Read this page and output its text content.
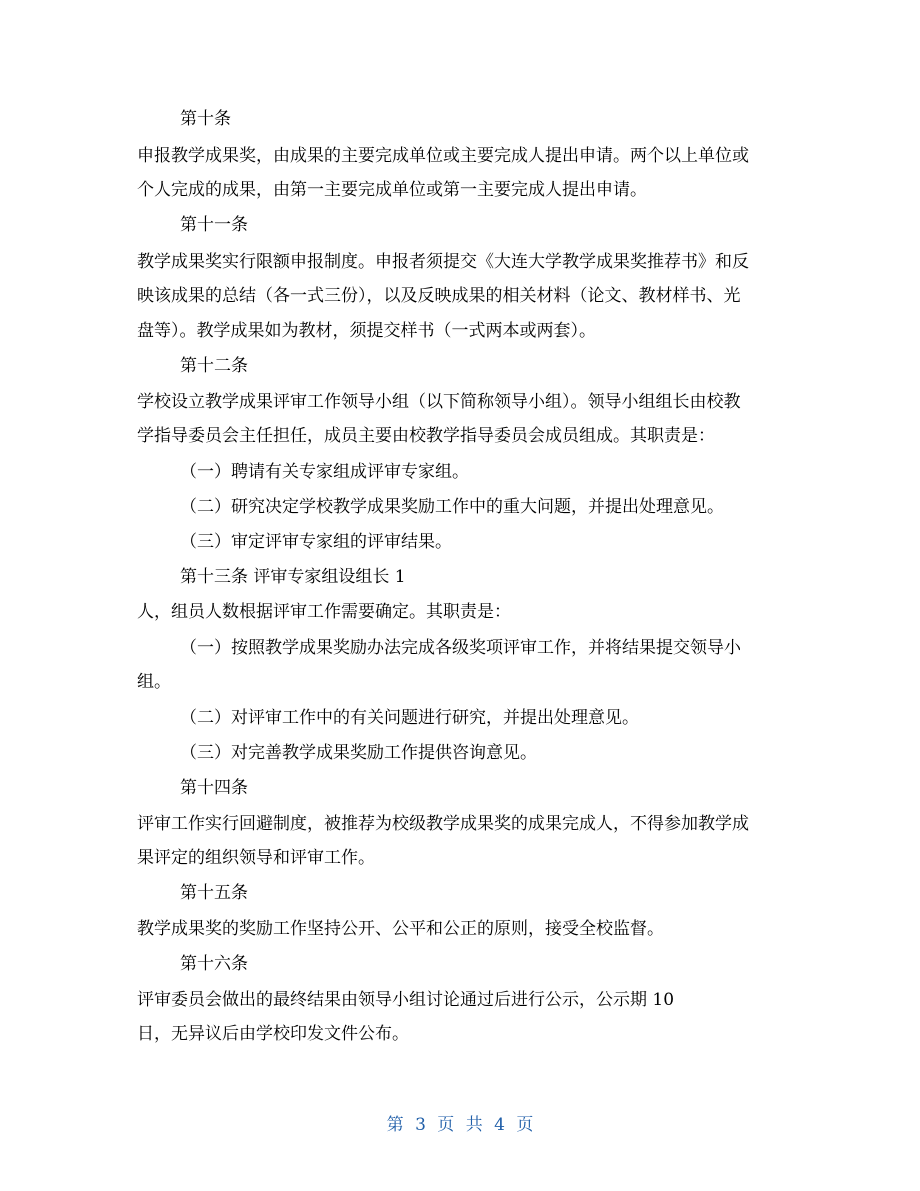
第十条

申报教学成果奖，由成果的主要完成单位或主要完成人提出申请。两个以上单位或

个人完成的成果，由第一主要完成单位或第一主要完成人提出申请。

第十一条

教学成果奖实行限额申报制度。申报者须提交《大连大学教学成果奖推荐书》和反

映该成果的总结（各一式三份），以及反映成果的相关材料（论文、教材样书、光

盘等）。教学成果如为教材，须提交样书（一式两本或两套）。

第十二条

学校设立教学成果评审工作领导小组（以下简称领导小组）。领导小组组长由校教

学指导委员会主任担任，成员主要由校教学指导委员会成员组成。其职责是：

（一）聘请有关专家组成评审专家组。

（二）研究决定学校教学成果奖励工作中的重大问题，并提出处理意见。

（三）审定评审专家组的评审结果。

第十三条 评审专家组设组长 1

人，组员人数根据评审工作需要确定。其职责是：

（一）按照教学成果奖励办法完成各级奖项评审工作，并将结果提交领导小

组。

（二）对评审工作中的有关问题进行研究，并提出处理意见。

（三）对完善教学成果奖励工作提供咨询意见。

第十四条

评审工作实行回避制度，被推荐为校级教学成果奖的成果完成人，不得参加教学成

果评定的组织领导和评审工作。

第十五条

教学成果奖的奖励工作坚持公开、公平和公正的原则，接受全校监督。

第十六条

评审委员会做出的最终结果由领导小组讨论通过后进行公示，公示期 10

日，无异议后由学校印发文件公布。

第 3 页 共 4 页
